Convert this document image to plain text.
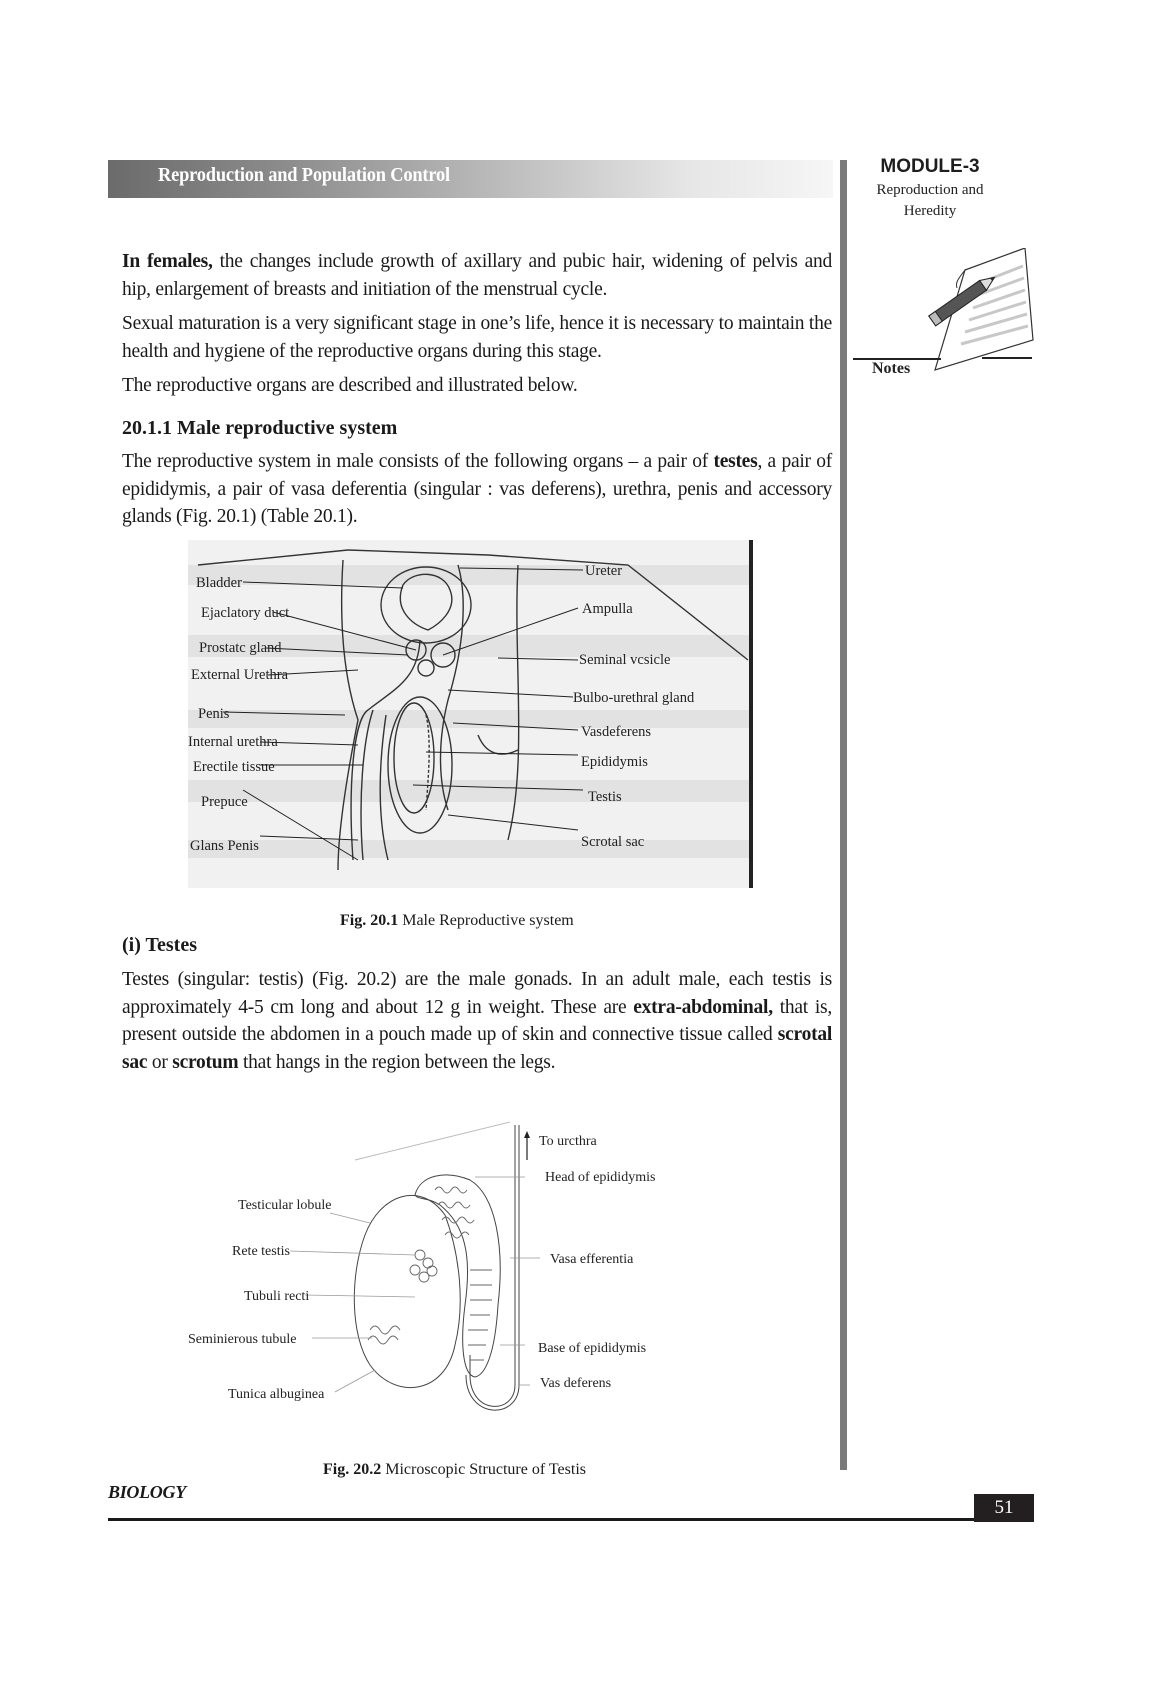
Reproduction and Population Control	MODULE-3
Reproduction and
Heredity
Notes
In females, the changes include growth of axillary and pubic hair, widening of pelvis and hip, enlargement of breasts and initiation of the menstrual cycle.
Sexual maturation is a very significant stage in one’s life, hence it is necessary to maintain the health and hygiene of the reproductive organs during this stage.
The reproductive organs are described and illustrated below.
20.1.1 Male reproductive system
The reproductive system in male consists of the following organs – a pair of testes, a pair of epididymis, a pair of vasa deferentia (singular : vas deferens), urethra, penis and accessory glands (Fig. 20.1) (Table 20.1).
Bladder
Ejaclatory duct
Prostatc gland
External Urethra
Penis
Internal urethra
Erectile tissue
Prepuce
Glans Penis
Ureter
Ampulla
Seminal vcsicle
Bulbo-urethral gland
Vasdeferens
Epididymis
Testis
Scrotal sac
Fig. 20.1 Male Reproductive system
(i) Testes
Testes (singular: testis) (Fig. 20.2) are the male gonads. In an adult male, each testis is approximately 4-5 cm long and about 12 g in weight. These are extra-abdominal, that is, present outside the abdomen in a pouch made up of skin and connective tissue called scrotal sac or scrotum that hangs in the region between the legs.
Testicular lobule
Rete testis
Tubuli recti
Seminierous tubule
Tunica albuginea
To urcthra
Head of epididymis
Vasa efferentia
Base of epididymis
Vas deferens
Fig. 20.2 Microscopic Structure of Testis
BIOLOGY
51
